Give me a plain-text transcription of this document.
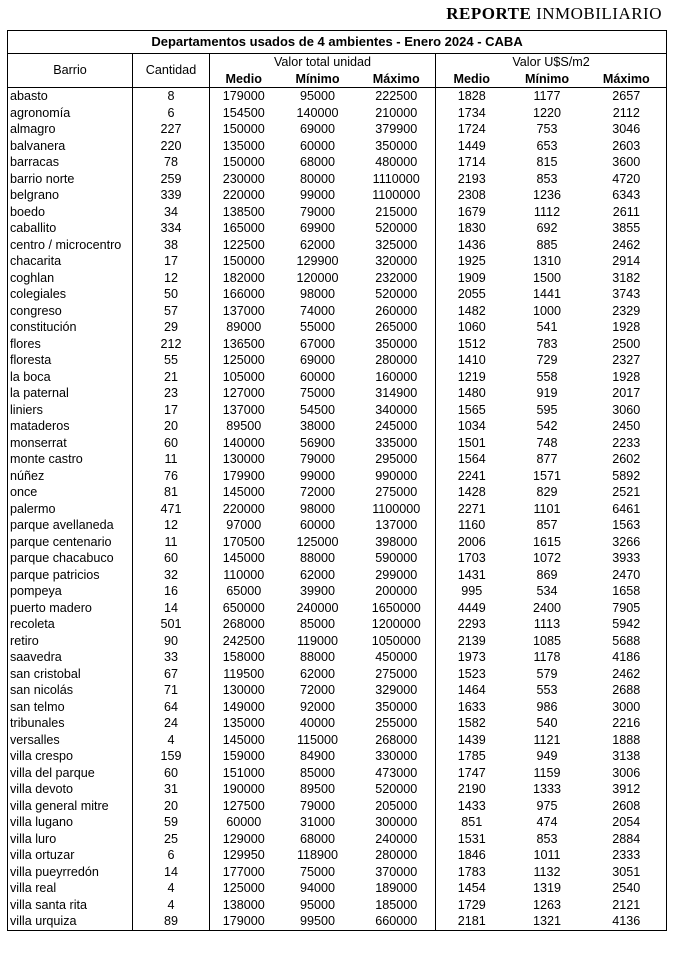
REPORTE INMOBILIARIO
Departamentos usados de 4 ambientes - Enero 2024 - CABA							
Barrio	Cantidad	Valor total unidad			Valor U$S/m2		
		Medio	Mínimo	Máximo	Medio	Mínimo	Máximo
abasto	8	179000	95000	222500	1828	1177	2657
agronomía	6	154500	140000	210000	1734	1220	2112
almagro	227	150000	69000	379900	1724	753	3046
balvanera	220	135000	60000	350000	1449	653	2603
barracas	78	150000	68000	480000	1714	815	3600
barrio norte	259	230000	80000	1110000	2193	853	4720
belgrano	339	220000	99000	1100000	2308	1236	6343
boedo	34	138500	79000	215000	1679	1112	2611
caballito	334	165000	69900	520000	1830	692	3855
centro / microcentro	38	122500	62000	325000	1436	885	2462
chacarita	17	150000	129900	320000	1925	1310	2914
coghlan	12	182000	120000	232000	1909	1500	3182
colegiales	50	166000	98000	520000	2055	1441	3743
congreso	57	137000	74000	260000	1482	1000	2329
constitución	29	89000	55000	265000	1060	541	1928
flores	212	136500	67000	350000	1512	783	2500
floresta	55	125000	69000	280000	1410	729	2327
la boca	21	105000	60000	160000	1219	558	1928
la paternal	23	127000	75000	314900	1480	919	2017
liniers	17	137000	54500	340000	1565	595	3060
mataderos	20	89500	38000	245000	1034	542	2450
monserrat	60	140000	56900	335000	1501	748	2233
monte castro	11	130000	79000	295000	1564	877	2602
núñez	76	179900	99000	990000	2241	1571	5892
once	81	145000	72000	275000	1428	829	2521
palermo	471	220000	98000	1100000	2271	1101	6461
parque avellaneda	12	97000	60000	137000	1160	857	1563
parque centenario	11	170500	125000	398000	2006	1615	3266
parque chacabuco	60	145000	88000	590000	1703	1072	3933
parque patricios	32	110000	62000	299000	1431	869	2470
pompeya	16	65000	39900	200000	995	534	1658
puerto madero	14	650000	240000	1650000	4449	2400	7905
recoleta	501	268000	85000	1200000	2293	1113	5942
retiro	90	242500	119000	1050000	2139	1085	5688
saavedra	33	158000	88000	450000	1973	1178	4186
san cristobal	67	119500	62000	275000	1523	579	2462
san nicolás	71	130000	72000	329000	1464	553	2688
san telmo	64	149000	92000	350000	1633	986	3000
tribunales	24	135000	40000	255000	1582	540	2216
versalles	4	145000	115000	268000	1439	1121	1888
villa crespo	159	159000	84900	330000	1785	949	3138
villa del parque	60	151000	85000	473000	1747	1159	3006
villa devoto	31	190000	89500	520000	2190	1333	3912
villa general mitre	20	127500	79000	205000	1433	975	2608
villa lugano	59	60000	31000	300000	851	474	2054
villa luro	25	129000	68000	240000	1531	853	2884
villa ortuzar	6	129950	118900	280000	1846	1011	2333
villa pueyrredón	14	177000	75000	370000	1783	1132	3051
villa real	4	125000	94000	189000	1454	1319	2540
villa santa rita	4	138000	95000	185000	1729	1263	2121
villa urquiza	89	179000	99500	660000	2181	1321	4136
